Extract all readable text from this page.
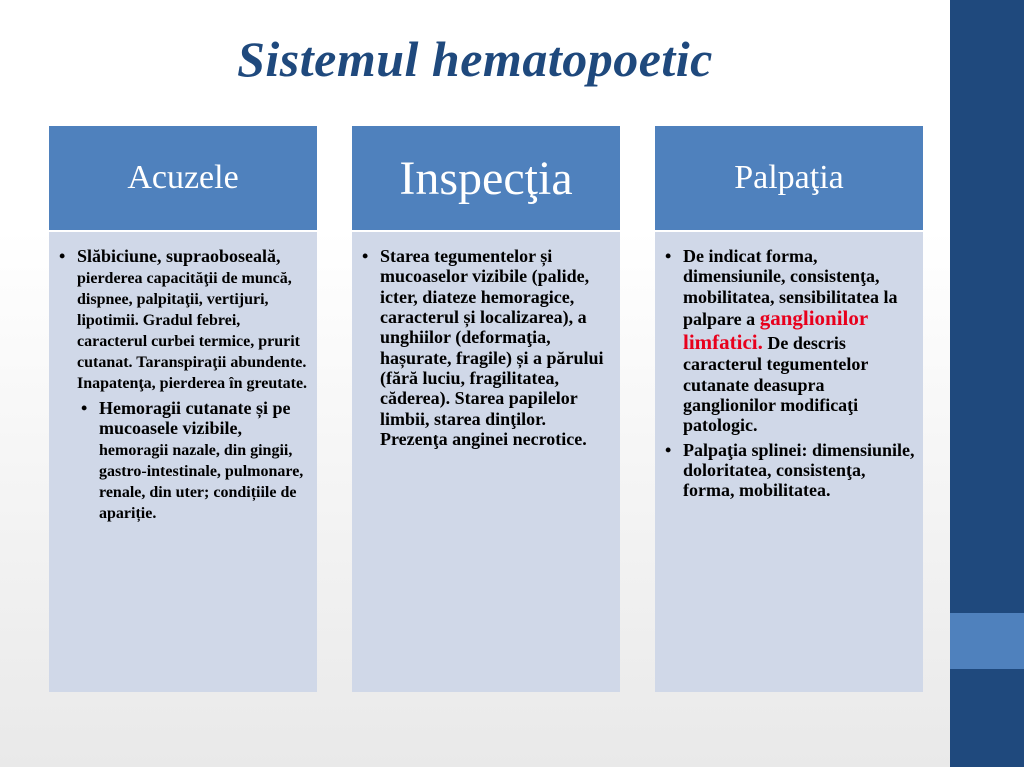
Sistemul hematopoetic
Acuzele
• Slăbiciune, supraoboseală, pierderea capacităţii de muncă, dispnee, palpitaţii, vertijuri, lipotimii. Gradul febrei, caracterul curbei termice, prurit cutanat. Taranspiraţii abundente. Inapatenţa, pierderea în greutate.
• Hemoragii cutanate și pe mucoasele vizibile, hemoragii nazale, din gingii, gastro-intestinale, pulmonare, renale, din uter; condițiile de apariție.
Inspecţia
• Starea tegumentelor și mucoaselor vizibile (palide, icter, diateze hemoragice, caracterul și localizarea), a unghiilor (deformaţia, hașurate, fragile) și a părului (fără luciu, fragilitatea, căderea). Starea papilelor limbii, starea dinţilor. Prezenţa anginei necrotice.
Palpaţia
• De indicat forma, dimensiunile, consistenţa, mobilitatea, sensibilitatea la palpare a ganglionilor limfatici. De descris caracterul tegumentelor cutanate deasupra ganglionilor modificaţi patologic.
• Palpaţia splinei: dimensiunile, doloritatea, consistenţa, forma, mobilitatea.
